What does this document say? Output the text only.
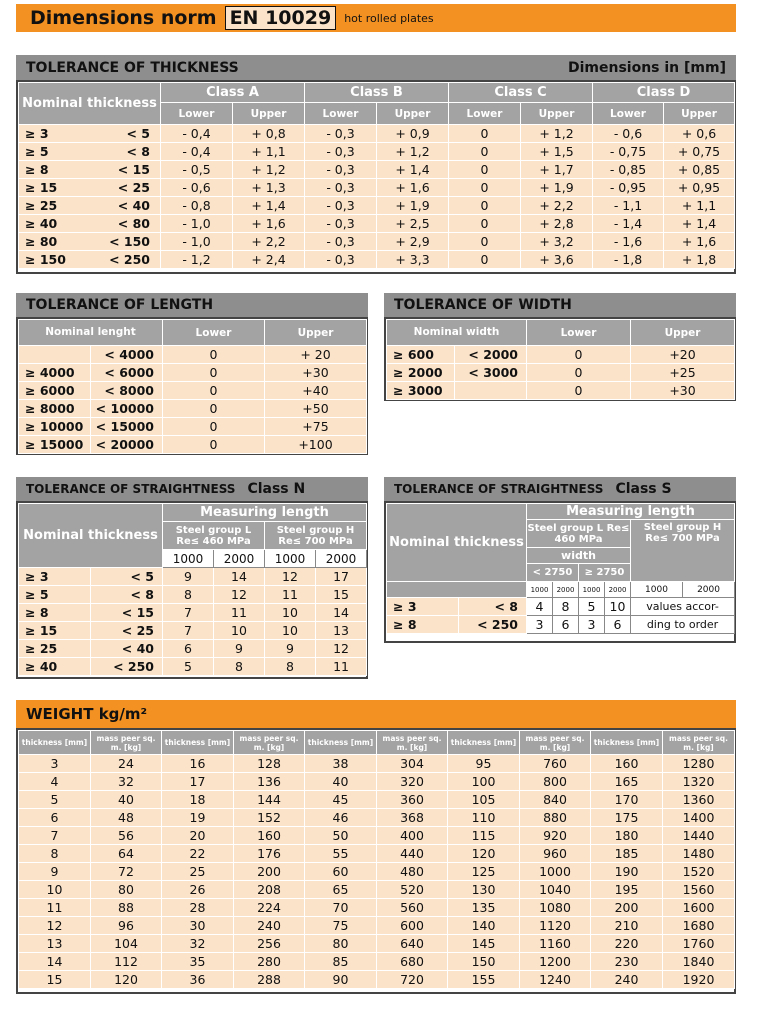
Dimensions norm EN 10029	hot rolled plates
TOLERANCE OF THICKNESS	Dimensions in [mm]
Nominal thickness	Class A		Class B		Class C		Class D	
	Lower	Upper	Lower	Upper	Lower	Upper	Lower	Upper
≥ 3 < 5	- 0,4	+ 0,8	- 0,3	+ 0,9	0	+ 1,2	- 0,6	+ 0,6
≥ 5 < 8	- 0,4	+ 1,1	- 0,3	+ 1,2	0	+ 1,5	- 0,75	+ 0,75
≥ 8 < 15	- 0,5	+ 1,2	- 0,3	+ 1,4	0	+ 1,7	- 0,85	+ 0,85
≥ 15 < 25	- 0,6	+ 1,3	- 0,3	+ 1,6	0	+ 1,9	- 0,95	+ 0,95
≥ 25 < 40	- 0,8	+ 1,4	- 0,3	+ 1,9	0	+ 2,2	- 1,1	+ 1,1
≥ 40 < 80	- 1,0	+ 1,6	- 0,3	+ 2,5	0	+ 2,8	- 1,4	+ 1,4
≥ 80 < 150	- 1,0	+ 2,2	- 0,3	+ 2,9	0	+ 3,2	- 1,6	+ 1,6
≥ 150 < 250	- 1,2	+ 2,4	- 0,3	+ 3,3	0	+ 3,6	- 1,8	+ 1,8
TOLERANCE OF LENGTH
Nominal lenght		Lower	Upper
	< 4000	0	+ 20
≥ 4000	< 6000	0	+30
≥ 6000	< 8000	0	+40
≥ 8000	< 10000	0	+50
≥ 10000	< 15000	0	+75
≥ 15000	< 20000	0	+100
TOLERANCE OF WIDTH
Nominal width		Lower	Upper
≥ 600	< 2000	0	+20
≥ 2000	< 3000	0	+25
≥ 3000		0	+30
TOLERANCE OF STRAIGHTNESS Class N
Nominal thickness		Measuring length			
		Steel group L Re≤ 460 MPa		Steel group H Re≤ 700 MPa	
		1000	2000	1000	2000
≥ 3	< 5	9	14	12	17
≥ 5	< 8	8	12	11	15
≥ 8	< 15	7	11	10	14
≥ 15	< 25	7	10	10	13
≥ 25	< 40	6	9	9	12
≥ 40	< 250	5	8	8	11
TOLERANCE OF STRAIGHTNESS Class S
Nominal thickness		Measuring length					
		Steel group L Re≤ 460 MPa				Steel group H Re≤ 700 MPa	
		width					
		< 2750		≥ 2750			
		1000	2000	1000	2000	1000	2000
≥ 3	< 8	4	8	5	10	values accor-	
≥ 8	< 250	3	6	3	6	ding to order	
WEIGHT kg/m²
thickness [mm]	mass peer sq. m. [kg]	thickness [mm]	mass peer sq. m. [kg]	thickness [mm]	mass peer sq. m. [kg]	thickness [mm]	mass peer sq. m. [kg]	thickness [mm]	mass peer sq. m. [kg]
3	24	16	128	38	304	95	760	160	1280
4	32	17	136	40	320	100	800	165	1320
5	40	18	144	45	360	105	840	170	1360
6	48	19	152	46	368	110	880	175	1400
7	56	20	160	50	400	115	920	180	1440
8	64	22	176	55	440	120	960	185	1480
9	72	25	200	60	480	125	1000	190	1520
10	80	26	208	65	520	130	1040	195	1560
11	88	28	224	70	560	135	1080	200	1600
12	96	30	240	75	600	140	1120	210	1680
13	104	32	256	80	640	145	1160	220	1760
14	112	35	280	85	680	150	1200	230	1840
15	120	36	288	90	720	155	1240	240	1920
